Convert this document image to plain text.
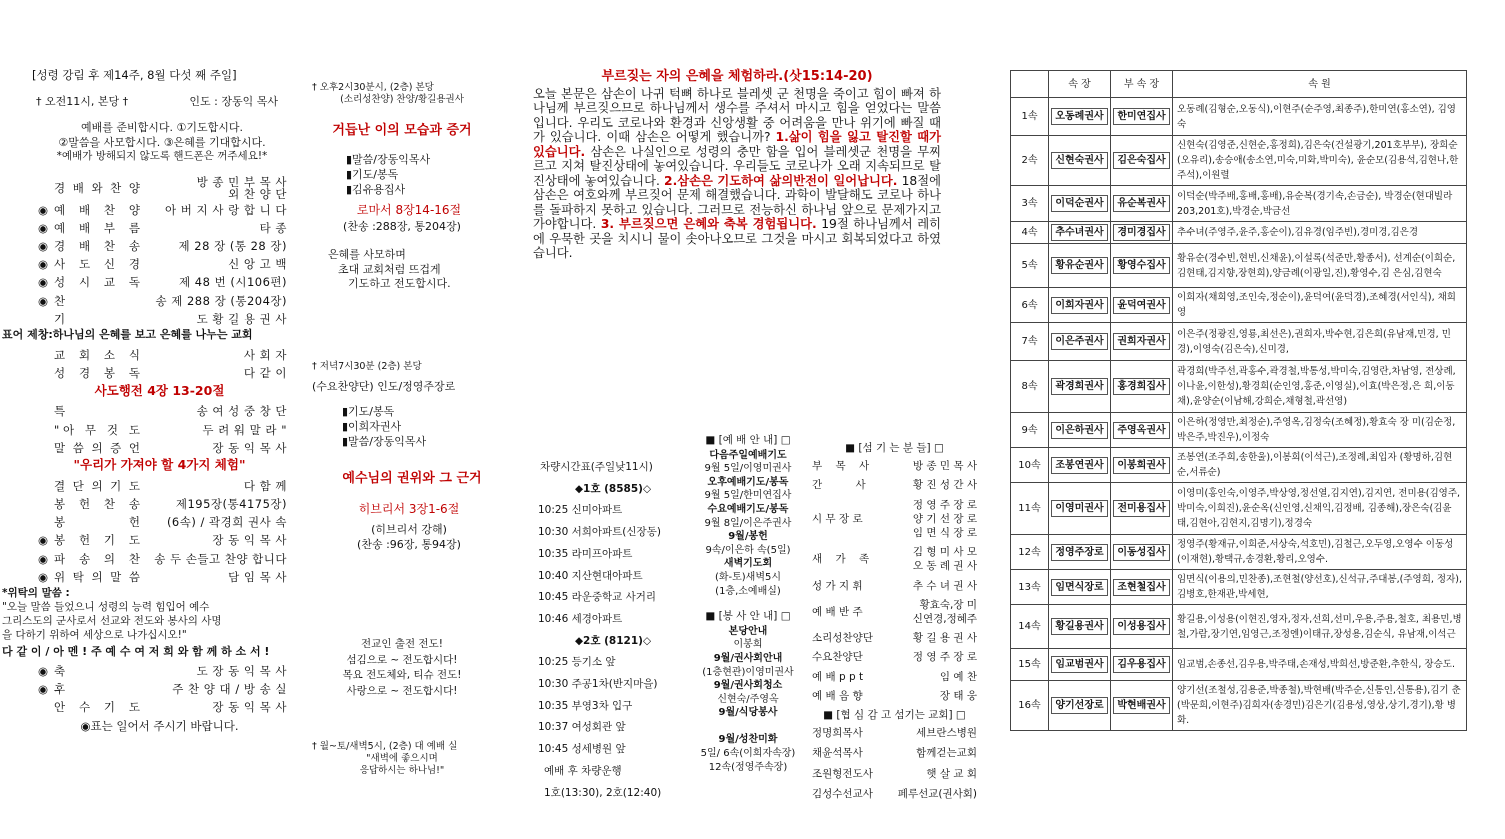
[성령 강림 후 제14주, 8월 다섯 째 주일]
† 오전11시, 본당 †	인도 : 장동익 목사
예배를 준비합시다. ①기도합시다.
②말씀을 사모합시다. ③은혜를 기대합시다.
*예배가 방해되지 않도록 핸드폰은 꺼주세요!*
경 배 와 찬 양	방 종 민 부 목 사
외 찬 양 단
◉ 예 배 찬 양	아 버 지 사 랑 합 니 다
◉ 예 배 부 름	타 종
◉ 경 배 찬 송	제 28 장 (통 28 장)
◉ 사 도 신 경	신 앙 고 백
◉ 성 시 교 독	제 48 번 (시106편)
◉ 찬	송 제 288 장 (통204장)
기	도 황 길 용 권 사
표어 제창:하나님의 은혜를 보고 은혜를 나누는 교회
교 회 소 식	사 회 자
성 경 봉 독	다 같 이
사도행전 4장 13-20절
특	송 여 성 중 창 단
" 아 무 것 도	두 려 워 말 라 "
말 씀 의 증 언	장 동 익 목 사
"우리가 가져야 할 4가지 체험"
결 단 의 기 도	다 함 께
봉 헌 찬 송	제195장(통4175장)
봉	헌	(6속) / 곽경희 권사 속
◉ 봉 헌 기 도	장 동 익 목 사
◉ 파 송 의 찬	송 두 손들고 찬양 합니다
◉ 위 탁 의 말 씀	담 임 목 사
*위탁의 말씀 :
"오늘 말씀 들었으니 성령의 능력 힘입어 예수
그리스도의 군사로서 선교와 전도와 봉사의 사명
을 다하기 위하여 세상으로 나가십시오!"
다 같 이 / 아 멘 ! 주 예 수 여 저 희 와 함 께 하 소 서 !
◉ 축	도 장 동 익 목 사
◉ 후	주 찬 양 대 / 방 송 실
안 수 기 도	장 동 익 목 사
◉표는 일어서 주시기 바랍니다.
† 오후2시30분시, (2층) 본당
(소리성찬양) 찬양/황길용권사
거듭난 이의 모습과 증거
▮말씀/장동익목사
▮기도/봉독
▮김유용집사
로마서 8장14-16절
(찬송 :288장, 통204장)
은혜를 사모하며
초대 교회처럼 뜨겁게
기도하고 전도합시다.
† 저녁7시30분 (2층) 본당
(수요찬양단) 인도/정영주장로
▮기도/봉독
▮이희자권사
▮말씀/장동익목사
예수님의 권위와 그 근거
히브리서 3장1-6절
(히브리서 강해)
(찬송 :96장, 통94장)
전교인 출전 전도!
섬김으로 ~ 전도합시다!
목요 전도체와, 티슈 전도!
사랑으로 ~ 전도합시다!
† 월~토/새벽5시, (2층) 대 예배 실
"새벽에 좋으시며
응답하시는 하나님!"
부르짖는 자의 은혜을 체험하라.(삿15:14-20)
오늘 본문은 삼손이 나귀 턱뼈 하나로 블레셋 군 천명을 죽이고 힘이 빠져 하나님께 부르짖으므로 하나님께서 생수를 주셔서 마시고 힘을 얻었다는 말씀입니다. 우리도 코로나와 환경과 신앙생활 중 어려움을 만나 위기에 빠질 때가 있습니다. 이때 삼손은 어떻게 했습니까? 1.삶이 힘을 잃고 탈진할 때가 있습니다. 삼손은 나실인으로 성령의 충만 함을 입어 블레셋군 천명을 무찌르고 지쳐 탈진상태에 놓여있습니다. 우리들도 코로나가 오래 지속되므로 탈진상태에 놓여있습니다. 2.삼손은 기도하여 삶의반전이 일어납니다. 18절에 삼손은 여호와께 부르짖어 문제 해결했습니다. 과학이 발달해도 코로나 하나를 돌파하지 못하고 있습니다. 그러므로 전능하신 하나님 앞으로 문제가지고 가야합니다. 3. 부르짖으면 은혜와 축복 경험됩니다. 19절 하나님께서 레히에 우묵한 곳을 치시니 물이 솟아나오므로 그것을 마시고 회복되었다고 하였습니다.
차량시간표(주일낮11시)
◆1호 (8585)◇
10:25 신미아파트
10:30 서희아파트(신장동)
10:35 라미프아파트
10:40 지산현대아파트
10:45 라운중학교 사거리
10:46 세경아파트
◆2호 (8121)◇
10:25 등기소 앞
10:30 주공1차(반지마을)
10:35 부영3차 입구
10:37 여성회관 앞
10:45 성세병원 앞
예배 후 차량운행
1호(13:30), 2호(12:40)
■ [예 배 안 내] □
다음주일예배기도
9월 5일/이영미권사
오후예배기도/봉독
9월 5일/한미연집사
수요예배기도/봉독
9월 8일/이은주권사
9월/봉헌
9속/이은하 속(5일)
새벽기도회
(화-토)새벽5시
(1층,소예배실)
■ [봉 사 안 내] □
본당안내
이봉희
9월/권사회안내
(1층현관)이영미권사
9월/권사회청소
신현숙/주영옥
9월/식당봉사
9월/성찬미화
5일/ 6속(이희자속장)
12속(정영주속장)
■ [섬 기 는 분 들] □
부    목    사	방 종 민 목 사
간          사	황 진 성 간 사
시 무 장 로
정 영 주 장 로
양 기 선 장 로
임 면 식 장 로
새    가    족
김 형 미 사 모
오 동 례 권 사
성 가 지 휘	추 수 녀 권 사
예 배 반 주
황효숙,장 미
신연경,정혜주
소리성찬양단	황 길 용 권 사
수요찬양단	정 영 주 장 로
예 배 p p t	임 예 찬
예 배 음 향	장 태 웅
■ [협 심 감 고 섬기는 교회] □
정명희목사	세브란스병원
채윤석목사	함께걷는교회
조원형전도사	햇 살 교 회
김성수선교사	페루선교(권사회)
	속 장	부 속 장	속 원
1속	오동례권사	한미연집사	오동례(김형순,오동식),이현주(순주영,최종주),한미연(홍소연), 김영숙
2속	신현숙권사	김은숙집사	신현숙(김영준,신현순,홍정희),김은숙(건설광기,201호부부), 장희순(오유리),송승애(송소연,미숙,미화,박미숙), 윤순모(김용석,김현나,한주석),이원렬
3속	이덕순권사	유순복권사	이덕순(박주배,홍배,홍배),유순복(경기속,손금순), 박경순(현대빌라203,201호),박경순,박금선
4속	추수녀권사	경미경집사	추수녀(주영주,윤주,홍순이),김유경(임주빈),경미경,김은경
5속	황유순권사	황영수집사	황유순(경수빈,현빈,신채윤),이설록(석준만,황종서), 선계순(이희순,김현태,김지향,장현희),양금례(이광일,진),황영수,김 은심,김현숙
6속	이희자권사	윤덕여권사	이희자(채희영,조인숙,정순이),윤덕여(윤덕경),조혜경(서인식), 채희영
7속	이은주권사	권희자권사	이은주(정광진,영룡,최선은),권희자,박수현,김은희(유남재,민경, 민경),이영숙(김은숙),신미경,
8속	곽경희권사	홍경희집사	곽경희(박주선,곽홍수,곽경철,박통성,박미숙,김영란,차남영, 전상례,이나윤,이한성),황경희(순인영,홍준,이영실),이효(박은정,은 희,이동채),윤양순(이남해,강희순,채형철,곽선영)
9속	이은하권사	주영옥권사	이은하(정영만,최정순),주영옥,김정숙(조혜정),황효숙 장 미(김순정,박은주,박진우),이정숙
10속	조봉연권사	이봉희권사	조봉연(조주희,송한울),이봉희(이석근),조정례,최입자 (황명하,김현순,서류순)
11속	이영미권사	전미용집사	이영미(홍인숙,이영주,박상영,정선열,김지연),김지연, 전미용(김영주,박미숙,이희진),윤순옥(신인영,신채익,김정배, 김종해),장은숙(김윤태,김현아,김현지,김명기),정경숙
12속	정영주장로	이동성집사	정영주(황재규,이희준,서상숙,석호민),김철근,오두영,오영수 이동성(이재현),황택규,송경환,황리,오영수.
13속	임면식장로	조현철집사	임면식(이용의,민찬종),조현철(양선호),신석규,주대봉,(주영희, 정자),김병호,한재관,박세현,
14속	황길용권사	이성용집사	황길용,이성용(이현진,영자,정자,선희,선미,우용,주용,철호, 최용민,병철,가람,장기연,임영근,조정엔)이태규,장성용,김순식, 유남재,이석근
15속	임교범권사	김우용집사	임교범,손종선,김우용,박주태,손재성,박희선,방준환,추한식, 장승도.
16속	양기선장로	박현배권사	양기선(조철성,김용준,박종철),박현배(박주순,신통인,신통용),김기 춘(박문희,이현주)김희자(송경민)김은기(김용성,영상,상기,경기),황 병화.
